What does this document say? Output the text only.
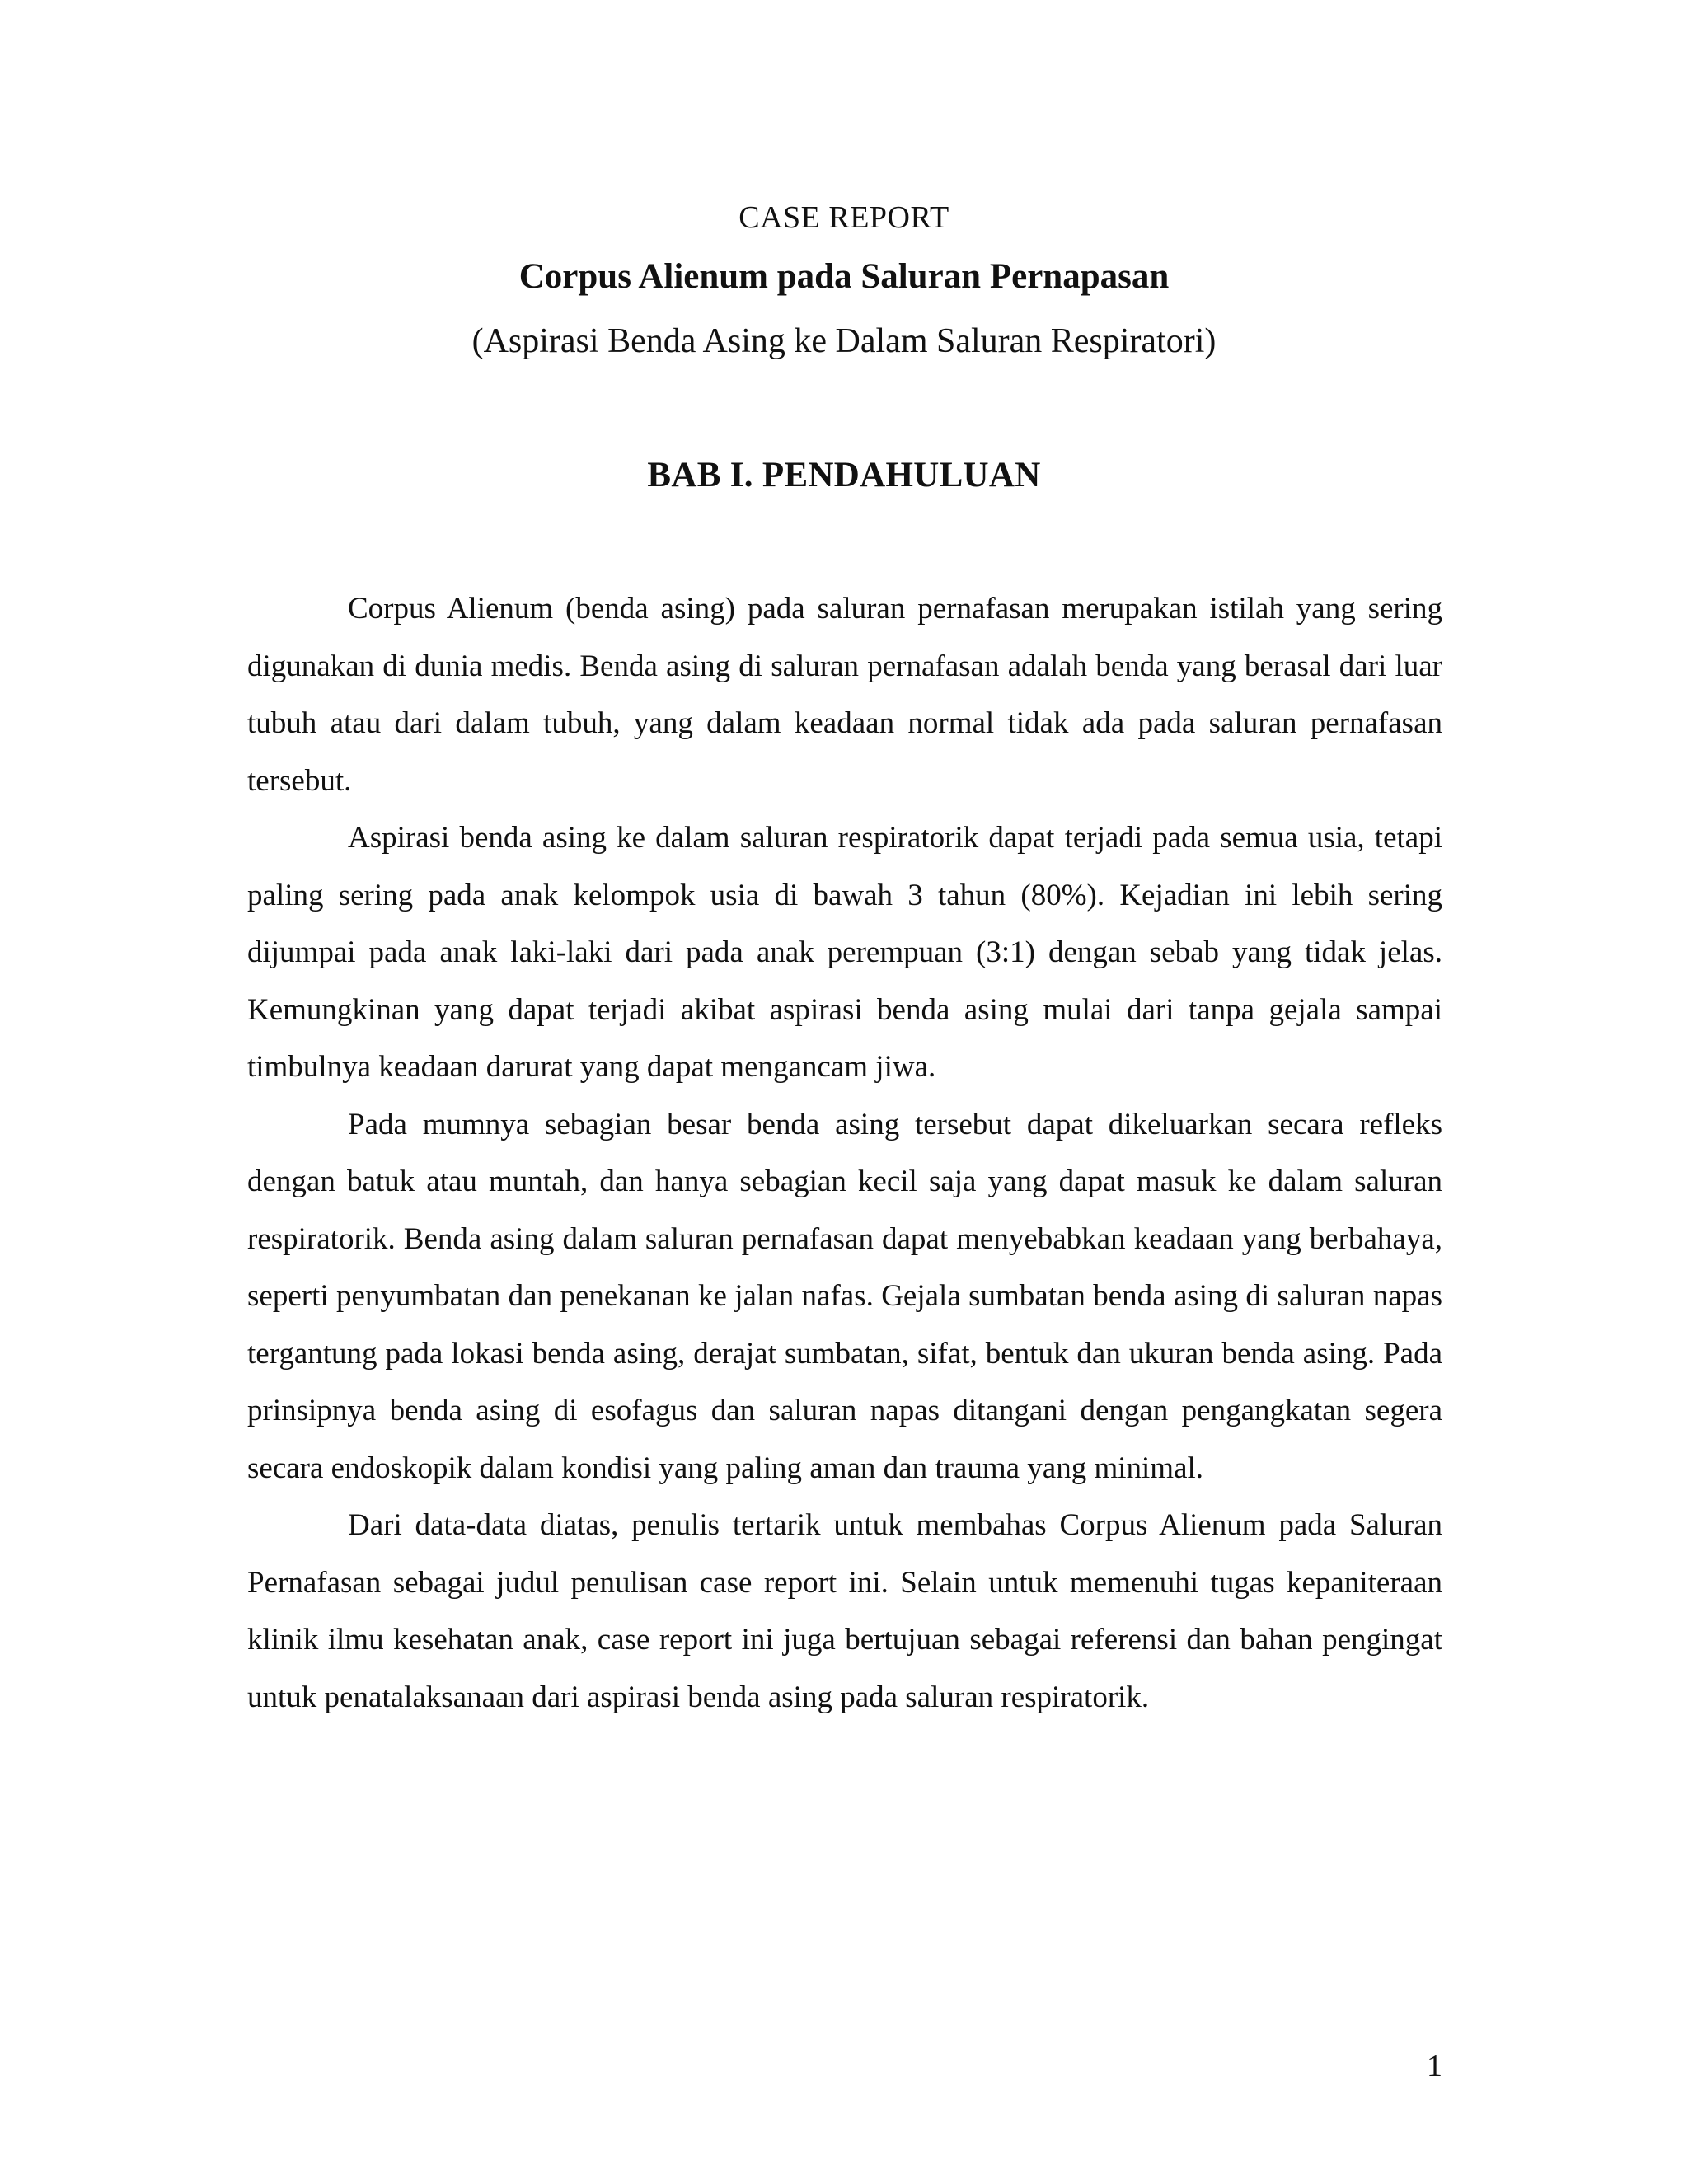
CASE REPORT
Corpus Alienum pada Saluran Pernapasan
(Aspirasi Benda Asing ke Dalam Saluran Respiratori)
BAB I. PENDAHULUAN

Corpus Alienum (benda asing) pada saluran pernafasan merupakan istilah yang sering digunakan di dunia medis. Benda asing di saluran pernafasan adalah benda yang berasal dari luar tubuh atau dari dalam tubuh, yang dalam keadaan normal tidak ada pada saluran pernafasan tersebut.

Aspirasi benda asing ke dalam saluran respiratorik dapat terjadi pada semua usia, tetapi paling sering pada anak kelompok usia di bawah 3 tahun (80%). Kejadian ini lebih sering dijumpai pada anak laki-laki dari pada anak perempuan (3:1) dengan sebab yang tidak jelas. Kemungkinan yang dapat terjadi akibat aspirasi benda asing mulai dari tanpa gejala sampai timbulnya keadaan darurat yang dapat mengancam jiwa.

Pada mumnya sebagian besar benda asing tersebut dapat dikeluarkan secara refleks dengan batuk atau muntah, dan hanya sebagian kecil saja yang dapat masuk ke dalam saluran respiratorik. Benda asing dalam saluran pernafasan dapat menyebabkan keadaan yang berbahaya, seperti penyumbatan dan penekanan ke jalan nafas. Gejala sumbatan benda asing di saluran napas tergantung pada lokasi benda asing, derajat sumbatan, sifat, bentuk dan ukuran benda asing. Pada prinsipnya benda asing di esofagus dan saluran napas ditangani dengan pengangkatan segera secara endoskopik dalam kondisi yang paling aman dan trauma yang minimal.

Dari data-data diatas, penulis tertarik untuk membahas Corpus Alienum pada Saluran Pernafasan sebagai judul penulisan case report ini. Selain untuk memenuhi tugas kepaniteraan klinik ilmu kesehatan anak, case report ini juga bertujuan sebagai referensi dan bahan pengingat untuk penatalaksanaan dari aspirasi benda asing pada saluran respiratorik.

1
